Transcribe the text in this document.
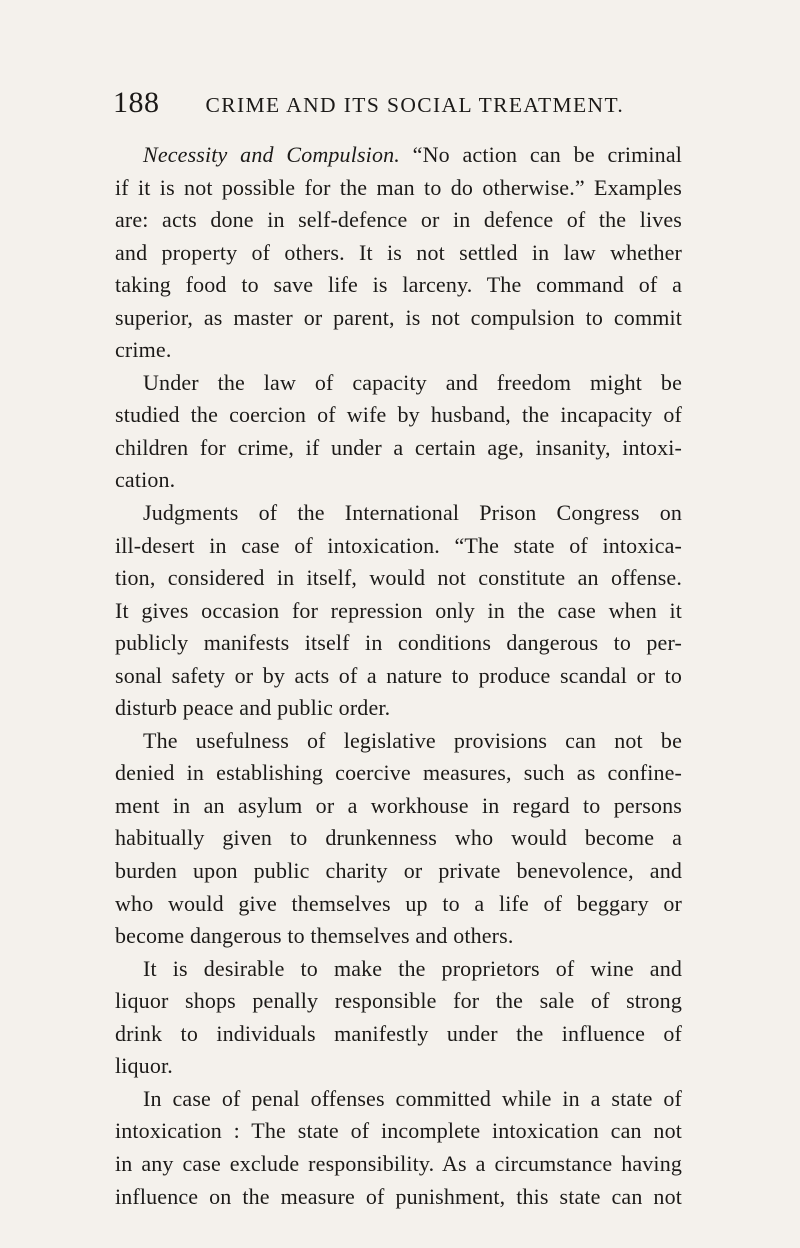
188 CRIME AND ITS SOCIAL TREATMENT.
Necessity and Compulsion. “No action can be criminal
if it is not possible for the man to do otherwise.” Examples
are: acts done in self-defence or in defence of the lives
and property of others. It is not settled in law whether
taking food to save life is larceny. The command of a
superior, as master or parent, is not compulsion to commit
crime.
Under the law of capacity and freedom might be
studied the coercion of wife by husband, the incapacity of
children for crime, if under a certain age, insanity, intoxi-
cation.
Judgments of the International Prison Congress on
ill-desert in case of intoxication. “The state of intoxica-
tion, considered in itself, would not constitute an offense.
It gives occasion for repression only in the case when it
publicly manifests itself in conditions dangerous to per-
sonal safety or by acts of a nature to produce scandal or to
disturb peace and public order.
The usefulness of legislative provisions can not be
denied in establishing coercive measures, such as confine-
ment in an asylum or a workhouse in regard to persons
habitually given to drunkenness who would become a
burden upon public charity or private benevolence, and
who would give themselves up to a life of beggary or
become dangerous to themselves and others.
It is desirable to make the proprietors of wine and
liquor shops penally responsible for the sale of strong
drink to individuals manifestly under the influence of
liquor.
In case of penal offenses committed while in a state of
intoxication : The state of incomplete intoxication can not
in any case exclude responsibility. As a circumstance having
influence on the measure of punishment, this state can not
